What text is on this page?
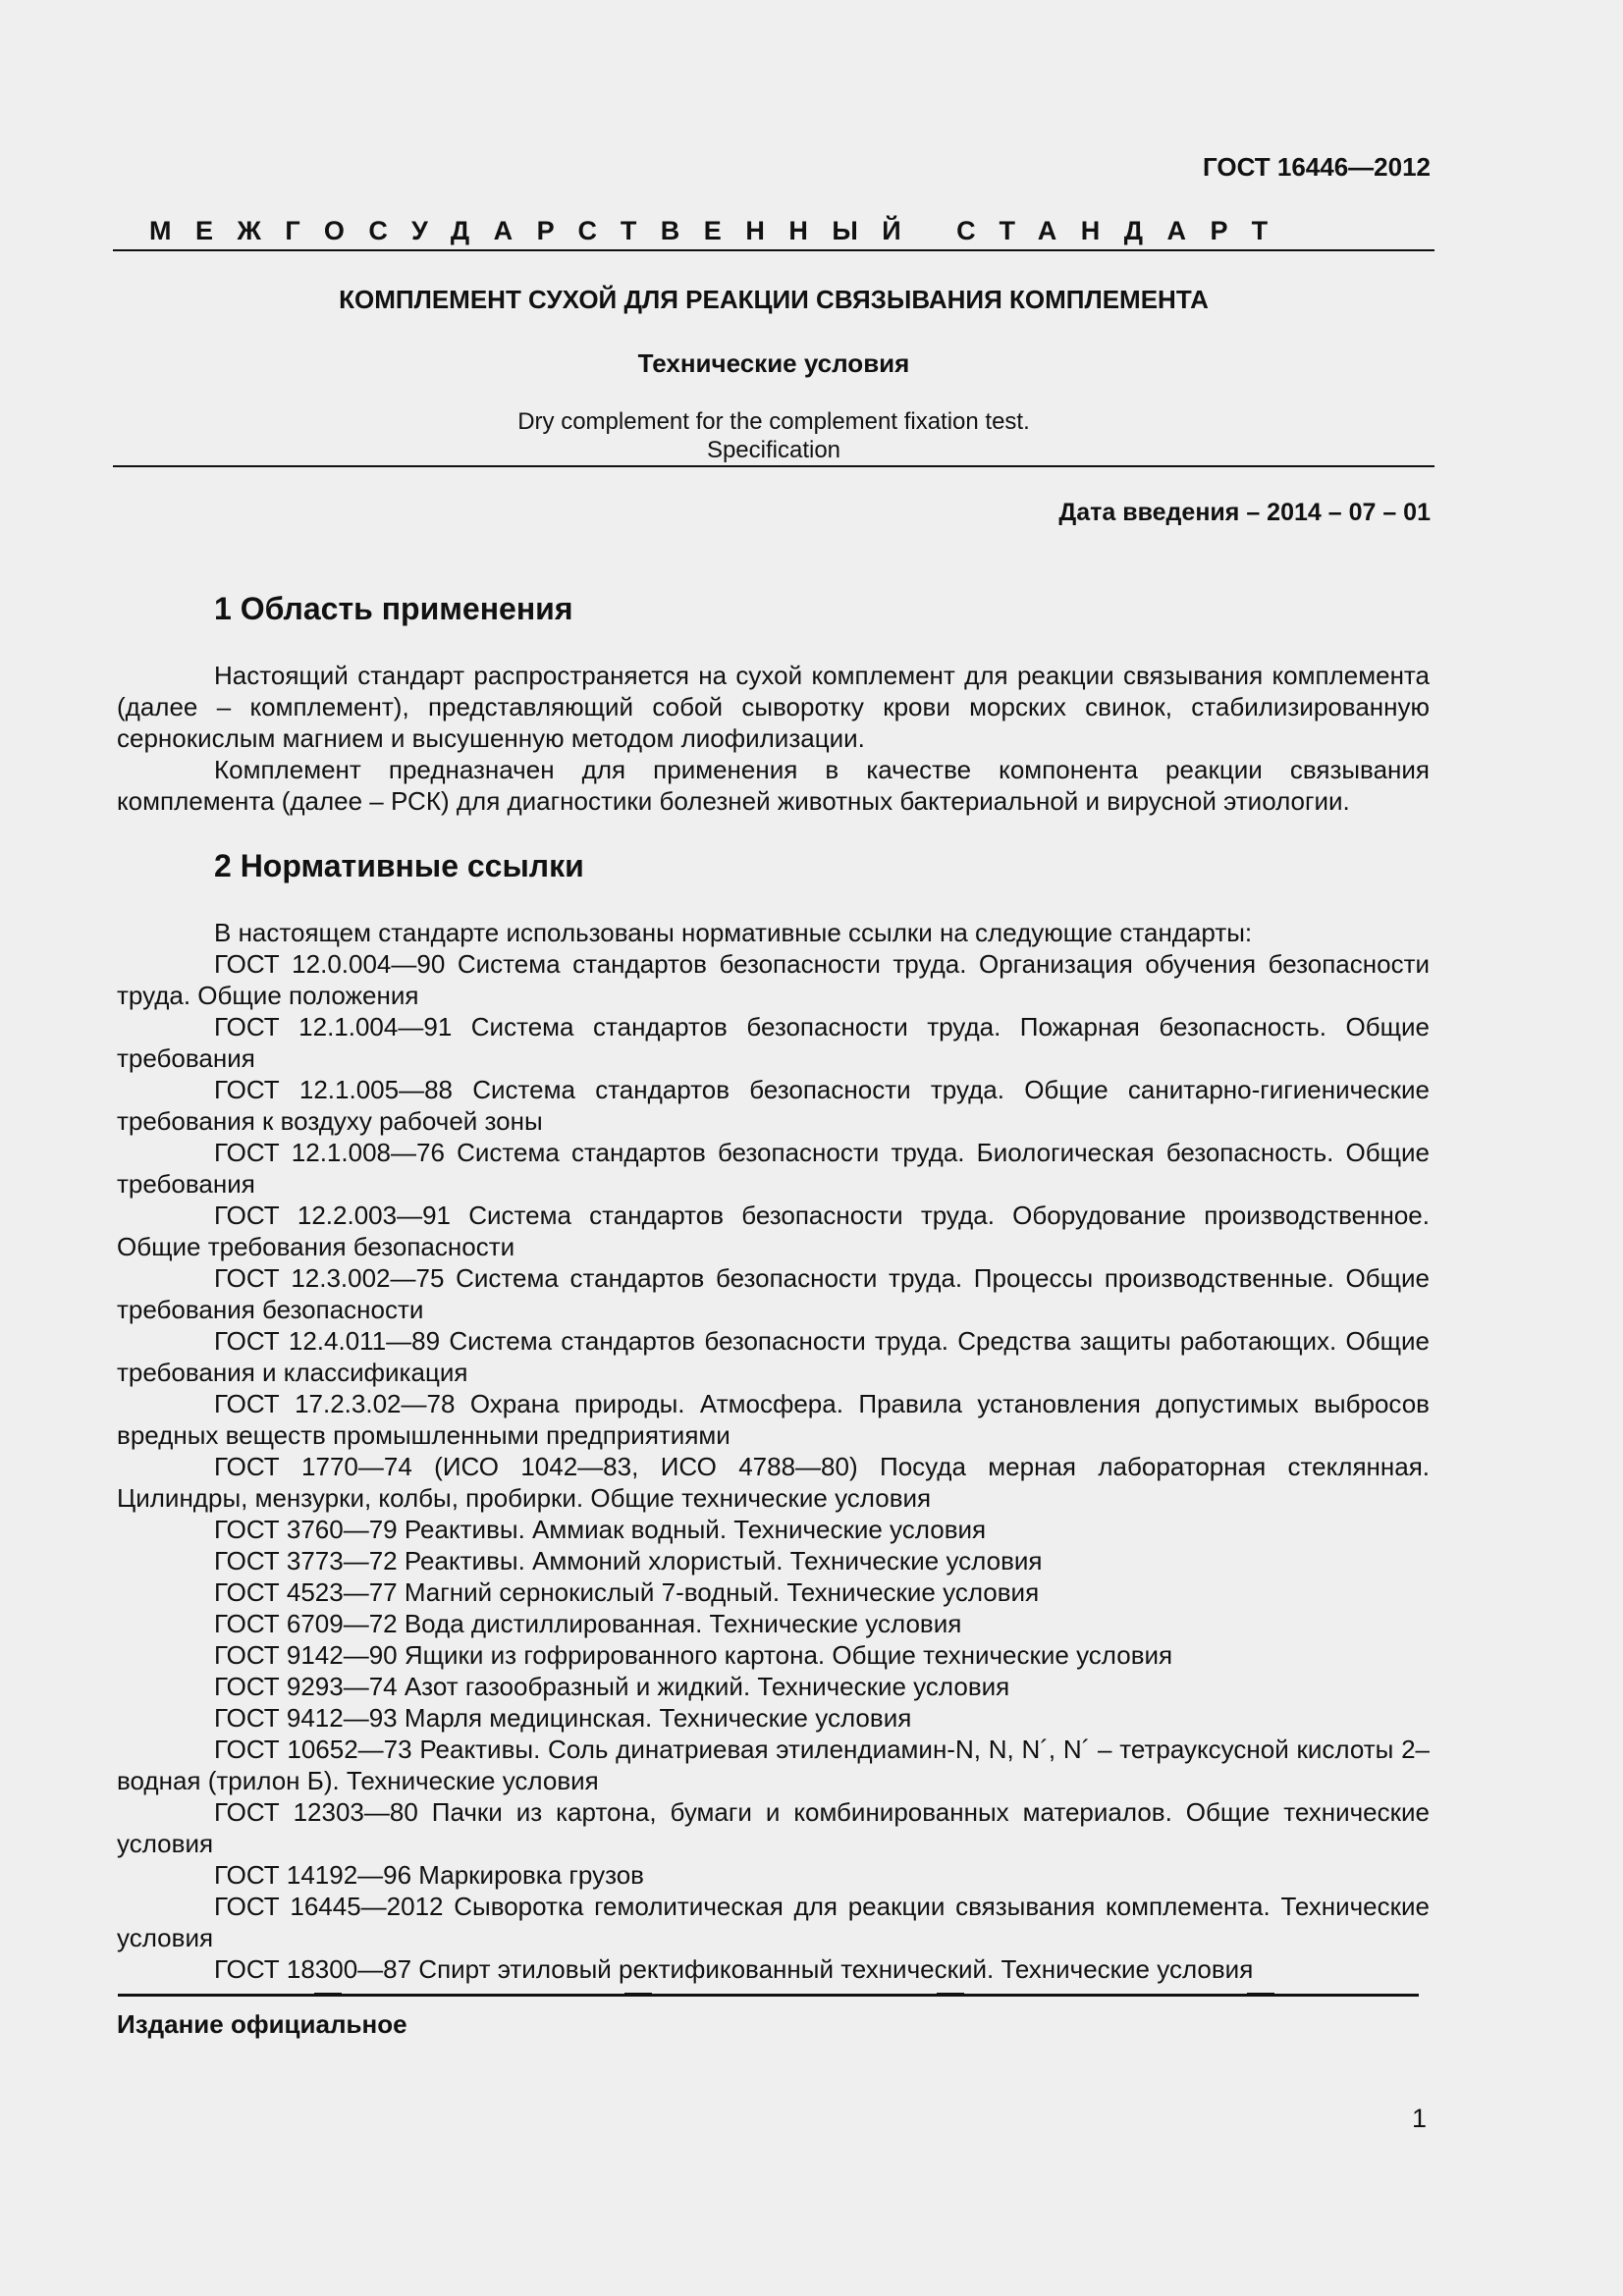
ГОСТ 16446—2012
МЕЖГОСУДАРСТВЕННЫЙ СТАНДАРТ
КОМПЛЕМЕНТ СУХОЙ ДЛЯ РЕАКЦИИ СВЯЗЫВАНИЯ КОМПЛЕМЕНТА
Технические условия
Dry complement for the complement fixation test.
Specification
Дата введения – 2014 – 07 – 01
1 Область применения

Настоящий стандарт распространяется на сухой комплемент для реакции связывания комплемента (далее – комплемент), представляющий собой сыворотку крови морских свинок, стабилизированную сернокислым магнием и высушенную методом лиофилизации.

Комплемент предназначен для применения в качестве компонента реакции связывания комплемента (далее – РСК) для диагностики болезней животных бактериальной и вирусной этиологии.

2 Нормативные ссылки

В настоящем стандарте использованы нормативные ссылки на следующие стандарты:

ГОСТ 12.0.004—90 Система стандартов безопасности труда. Организация обучения безопасности труда. Общие положения

ГОСТ 12.1.004—91 Система стандартов безопасности труда. Пожарная безопасность. Общие требования

ГОСТ 12.1.005—88 Система стандартов безопасности труда. Общие санитарно-гигиенические требования к воздуху рабочей зоны

ГОСТ 12.1.008—76 Система стандартов безопасности труда. Биологическая безопасность. Общие требования

ГОСТ 12.2.003—91 Система стандартов безопасности труда. Оборудование производственное. Общие требования безопасности

ГОСТ 12.3.002—75 Система стандартов безопасности труда. Процессы производственные. Общие требования безопасности

ГОСТ 12.4.011—89 Система стандартов безопасности труда. Средства защиты работающих. Общие требования и классификация

ГОСТ 17.2.3.02—78 Охрана природы. Атмосфера. Правила установления допустимых выбросов вредных веществ промышленными предприятиями

ГОСТ 1770—74 (ИСО 1042—83, ИСО 4788—80) Посуда мерная лабораторная стеклянная. Цилиндры, мензурки, колбы, пробирки. Общие технические условия

ГОСТ 3760—79 Реактивы. Аммиак водный. Технические условия

ГОСТ 3773—72 Реактивы. Аммоний хлористый. Технические условия

ГОСТ 4523—77 Магний сернокислый 7-водный. Технические условия

ГОСТ 6709—72 Вода дистиллированная. Технические условия

ГОСТ 9142—90 Ящики из гофрированного картона. Общие технические условия

ГОСТ 9293—74 Азот газообразный и жидкий. Технические условия

ГОСТ 9412—93 Марля медицинская. Технические условия

ГОСТ 10652—73 Реактивы. Соль динатриевая этилендиамин-N, N, N´, N´ – тетрауксусной кислоты 2–водная (трилон Б). Технические условия

ГОСТ 12303—80 Пачки из картона, бумаги и комбинированных материалов. Общие технические условия

ГОСТ 14192—96 Маркировка грузов

ГОСТ 16445—2012 Сыворотка гемолитическая для реакции связывания комплемента. Технические условия

ГОСТ 18300—87 Спирт этиловый ректификованный технический. Технические условия

Издание официальное
1
